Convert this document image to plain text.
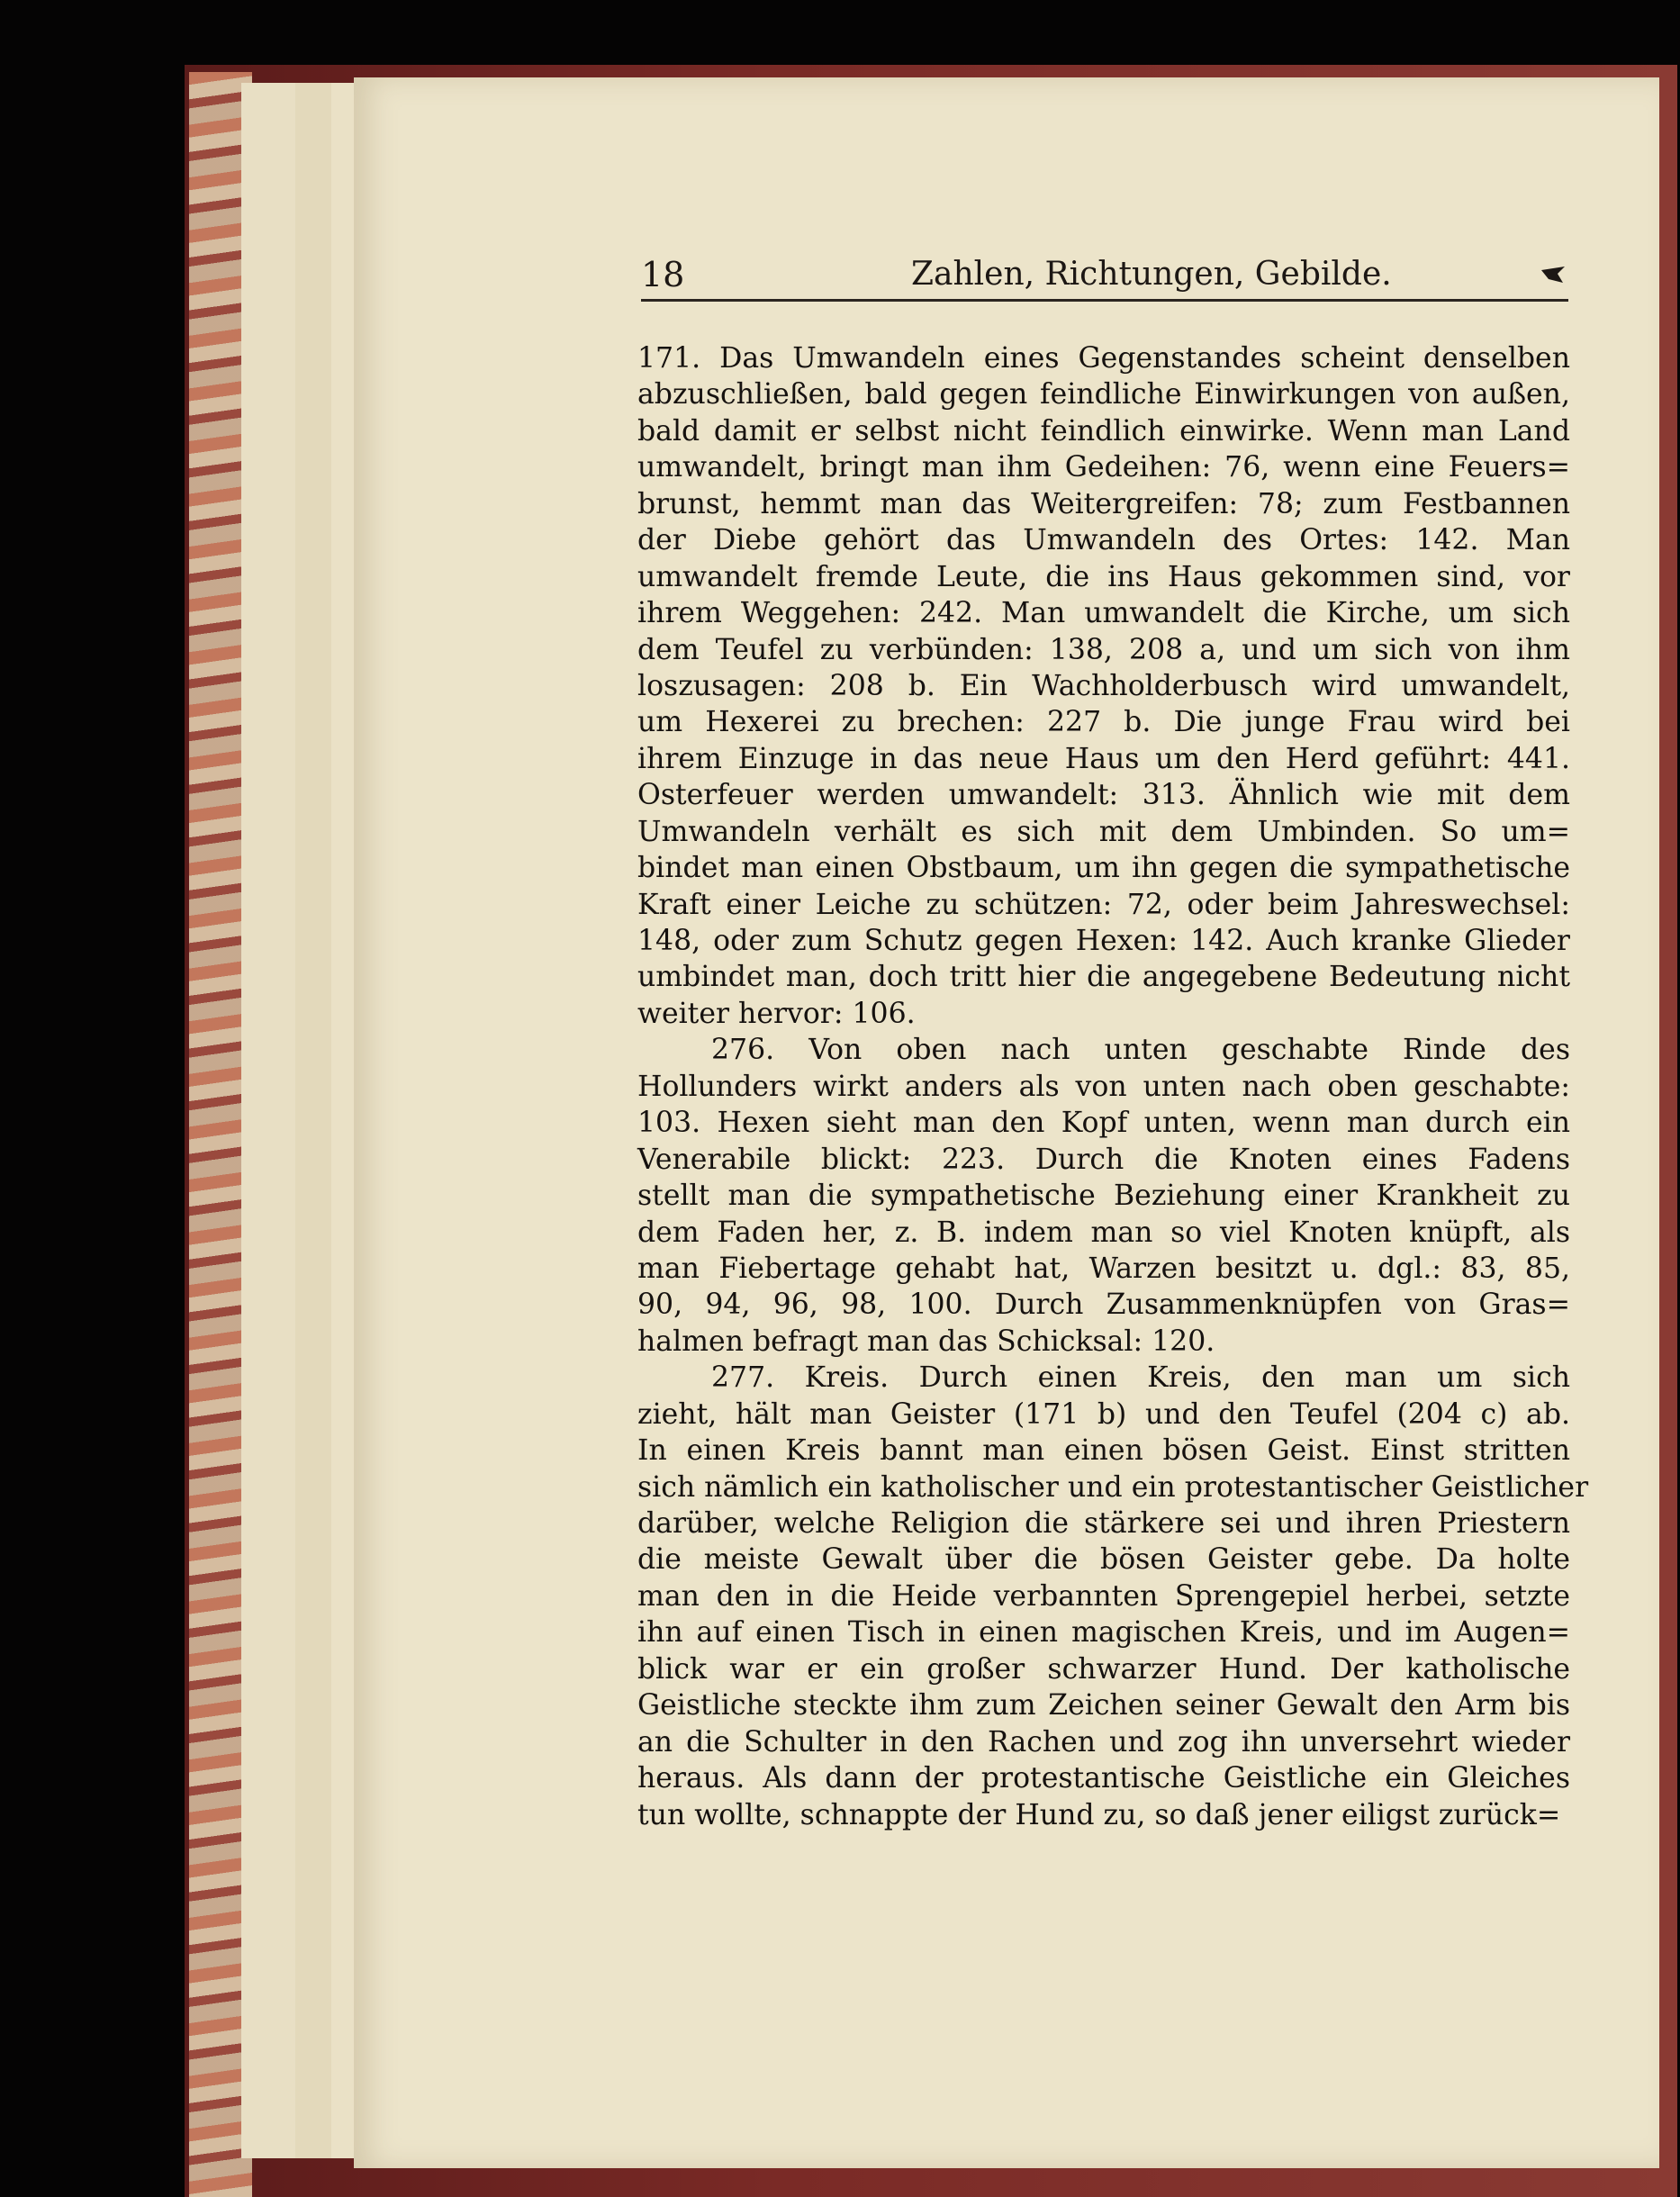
18	Zahlen, Richtungen, Gebilde.
171. Das Umwandeln eines Gegenstandes scheint denselben
abzuschließen, bald gegen feindliche Einwirkungen von außen,
bald damit er selbst nicht feindlich einwirke. Wenn man Land
umwandelt, bringt man ihm Gedeihen: 76, wenn eine Feuers=
brunst, hemmt man das Weitergreifen: 78; zum Festbannen
der Diebe gehört das Umwandeln des Ortes: 142. Man
umwandelt fremde Leute, die ins Haus gekommen sind, vor
ihrem Weggehen: 242. Man umwandelt die Kirche, um sich
dem Teufel zu verbünden: 138, 208 a, und um sich von ihm
loszusagen: 208 b. Ein Wachholderbusch wird umwandelt,
um Hexerei zu brechen: 227 b. Die junge Frau wird bei
ihrem Einzuge in das neue Haus um den Herd geführt: 441.
Osterfeuer werden umwandelt: 313. Ähnlich wie mit dem
Umwandeln verhält es sich mit dem Umbinden. So um=
bindet man einen Obstbaum, um ihn gegen die sympathetische
Kraft einer Leiche zu schützen: 72, oder beim Jahreswechsel:
148, oder zum Schutz gegen Hexen: 142. Auch kranke Glieder
umbindet man, doch tritt hier die angegebene Bedeutung nicht
weiter hervor: 106.
276. Von oben nach unten geschabte Rinde des
Hollunders wirkt anders als von unten nach oben geschabte:
103. Hexen sieht man den Kopf unten, wenn man durch ein
Venerabile blickt: 223. Durch die Knoten eines Fadens
stellt man die sympathetische Beziehung einer Krankheit zu
dem Faden her, z. B. indem man so viel Knoten knüpft, als
man Fiebertage gehabt hat, Warzen besitzt u. dgl.: 83, 85,
90, 94, 96, 98, 100. Durch Zusammenknüpfen von Gras=
halmen befragt man das Schicksal: 120.
277. Kreis. Durch einen Kreis, den man um sich
zieht, hält man Geister (171 b) und den Teufel (204 c) ab.
In einen Kreis bannt man einen bösen Geist. Einst stritten
sich nämlich ein katholischer und ein protestantischer Geistlicher
darüber, welche Religion die stärkere sei und ihren Priestern
die meiste Gewalt über die bösen Geister gebe. Da holte
man den in die Heide verbannten Sprengepiel herbei, setzte
ihn auf einen Tisch in einen magischen Kreis, und im Augen=
blick war er ein großer schwarzer Hund. Der katholische
Geistliche steckte ihm zum Zeichen seiner Gewalt den Arm bis
an die Schulter in den Rachen und zog ihn unversehrt wieder
heraus. Als dann der protestantische Geistliche ein Gleiches
tun wollte, schnappte der Hund zu, so daß jener eiligst zurück=
